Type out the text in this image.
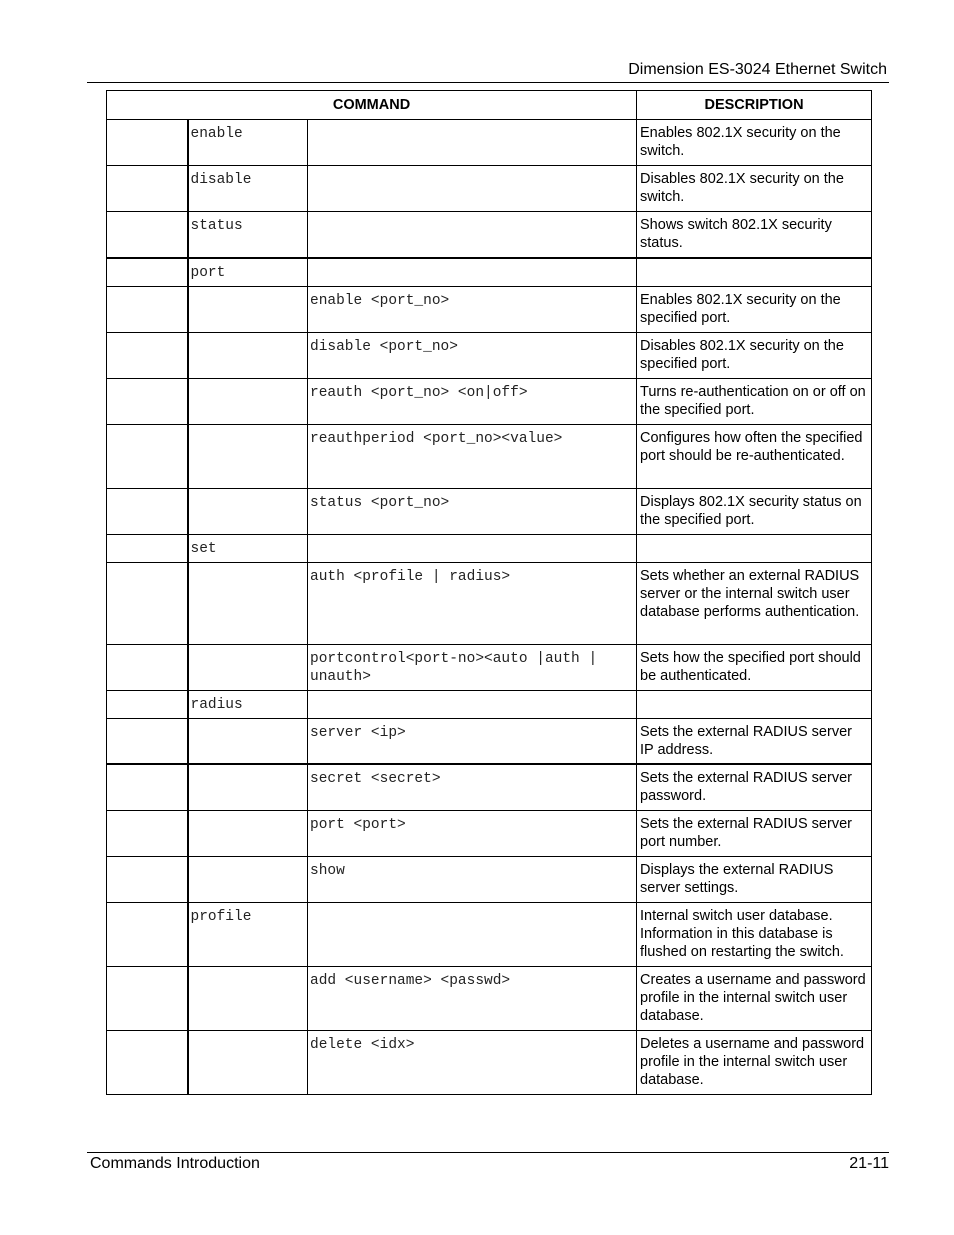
Dimension ES-3024 Ethernet Switch
COMMAND			DESCRIPTION
	enable		Enables 802.1X security on the switch.
	disable		Disables 802.1X security on the switch.
	status		Shows switch 802.1X security status.
	port		
		enable <port_no>	Enables 802.1X security on the specified port.
		disable <port_no>	Disables 802.1X security on the specified port.
		reauth <port_no> <on|off>	Turns re-authentication on or off on the specified port.
		reauthperiod <port_no><value>	Configures how often the specified port should be re-authenticated.
		status <port_no>	Displays 802.1X security status on the specified port.
	set		
		auth <profile | radius>	Sets whether an external RADIUS server or the internal switch user database performs authentication.
		portcontrol<port-no><auto |auth | unauth>	Sets how the specified port should be authenticated.
	radius		
		server <ip>	Sets the external RADIUS server IP address.
		secret <secret>	Sets the external RADIUS server password.
		port <port>	Sets the external RADIUS server port number.
		show	Displays the external RADIUS server settings.
	profile		Internal switch user database. Information in this database is flushed on restarting the switch.
		add <username> <passwd>	Creates a username and password profile in the internal switch user database.
		delete <idx>	Deletes a username and password profile in the internal switch user database.
Commands Introduction	21-11
